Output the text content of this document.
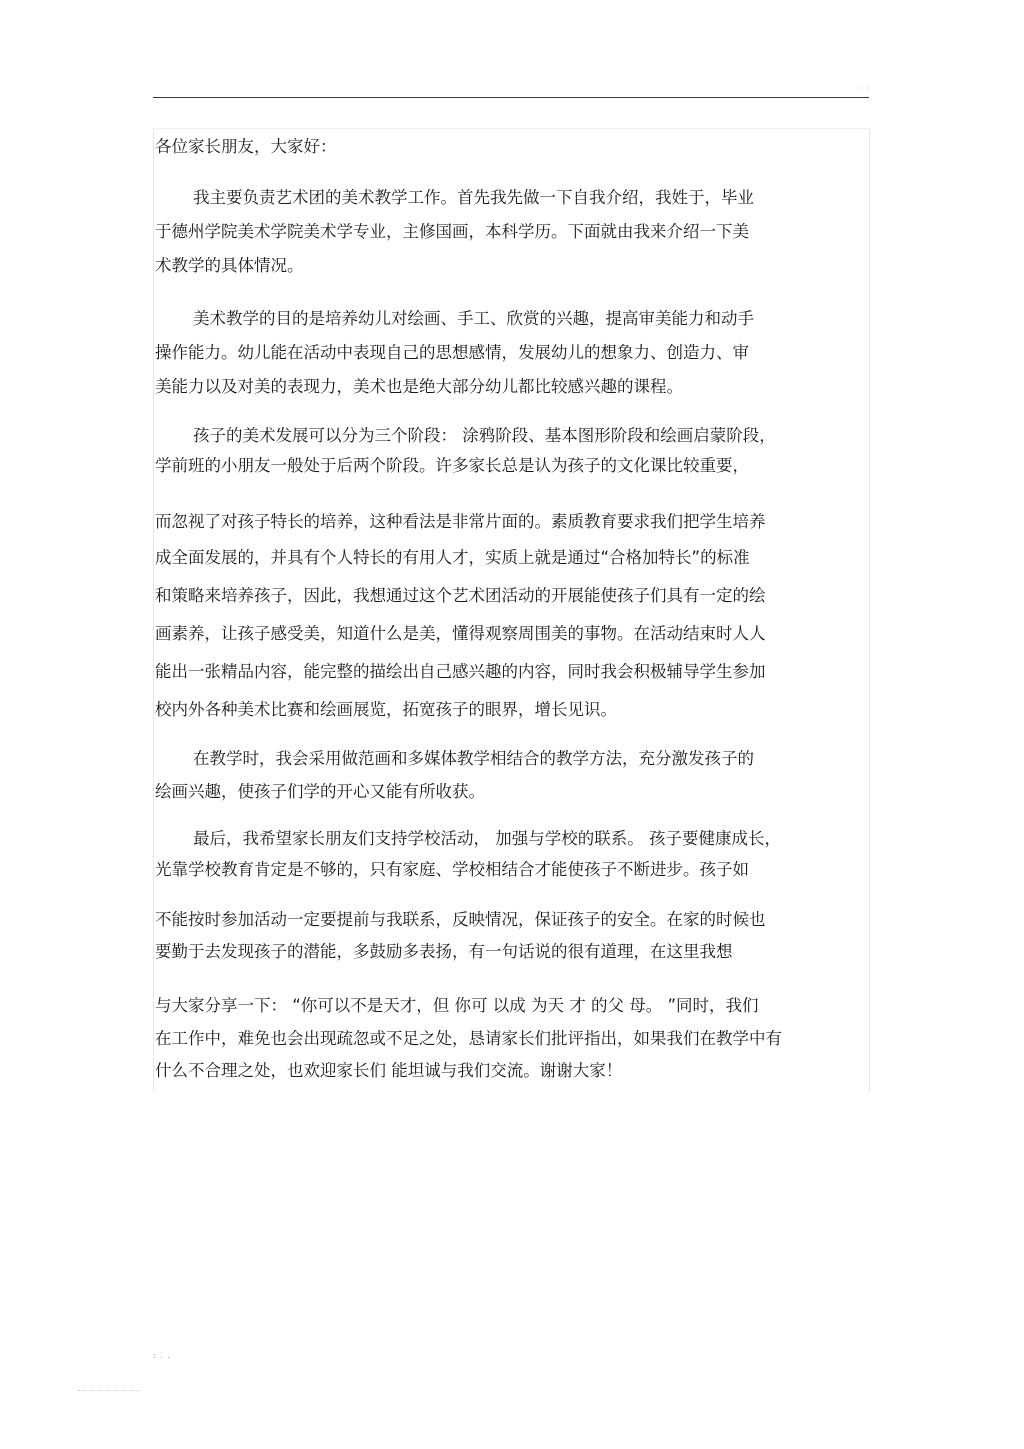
· ·
各位家长朋友，大家好：
我主要负责艺术团的美术教学工作。首先我先做一下自我介绍，我姓于，毕业
于德州学院美术学院美术学专业，主修国画，本科学历。下面就由我来介绍一下美
术教学的具体情况。
美术教学的目的是培养幼儿对绘画、手工、欣赏的兴趣，提高审美能力和动手
操作能力。幼儿能在活动中表现自己的思想感情，发展幼儿的想象力、创造力、审
美能力以及对美的表现力，美术也是绝大部分幼儿都比较感兴趣的课程。
孩子的美术发展可以分为三个阶段： 涂鸦阶段、基本图形阶段和绘画启蒙阶段，
学前班的小朋友一般处于后两个阶段。许多家长总是认为孩子的文化课比较重要，
而忽视了对孩子特长的培养，这种看法是非常片面的。素质教育要求我们把学生培养
成全面发展的，并具有个人特长的有用人才，实质上就是通过“合格加特长”的标准
和策略来培养孩子，因此，我想通过这个艺术团活动的开展能使孩子们具有一定的绘
画素养，让孩子感受美，知道什么是美，懂得观察周围美的事物。在活动结束时人人
能出一张精品内容，能完整的描绘出自己感兴趣的内容，同时我会积极辅导学生参加
校内外各种美术比赛和绘画展览，拓宽孩子的眼界，增长见识。
在教学时，我会采用做范画和多媒体教学相结合的教学方法，充分激发孩子的
绘画兴趣，使孩子们学的开心又能有所收获。
最后，我希望家长朋友们支持学校活动， 加强与学校的联系。 孩子要健康成长，
光靠学校教育肯定是不够的，只有家庭、学校相结合才能使孩子不断进步。孩子如
不能按时参加活动一定要提前与我联系，反映情况，保证孩子的安全。在家的时候也
要勤于去发现孩子的潜能，多鼓励多表扬，有一句话说的很有道理，在这里我想
与大家分享一下： “你可以不是天才，但 你可 以成 为天 才 的父 母。 ”同时，我们
在工作中，难免也会出现疏忽或不足之处，恳请家长们批评指出，如果我们在教学中有
什么不合理之处，也欢迎家长们 能坦诚与我们交流。谢谢大家！
: . .
